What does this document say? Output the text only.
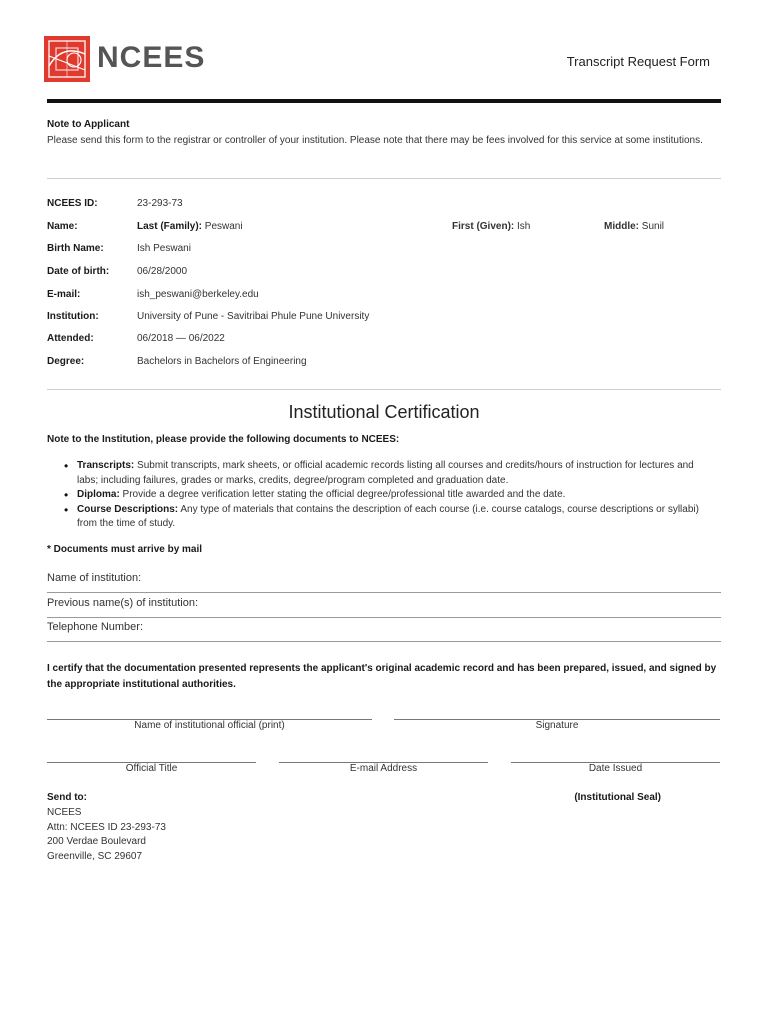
NCEES	Transcript Request Form
Note to Applicant
Please send this form to the registrar or controller of your institution. Please note that there may be fees involved for this service at some institutions.
NCEES ID:	23-293-73
Name:	Last (Family): Peswani	First (Given): Ish	Middle: Sunil
Birth Name:	Ish Peswani
Date of birth:	06/28/2000
E-mail:	ish_peswani@berkeley.edu
Institution:	University of Pune - Savitribai Phule Pune University
Attended:	06/2018 — 06/2022
Degree:	Bachelors in Bachelors of Engineering
Institutional Certification
Note to the Institution, please provide the following documents to NCEES:
• Transcripts: Submit transcripts, mark sheets, or official academic records listing all courses and credits/hours of instruction for lectures and labs; including failures, grades or marks, credits, degree/program completed and graduation date.
• Diploma: Provide a degree verification letter stating the official degree/professional title awarded and the date.
• Course Descriptions: Any type of materials that contains the description of each course (i.e. course catalogs, course descriptions or syllabi) from the time of study.
* Documents must arrive by mail
Name of institution:
Previous name(s) of institution:
Telephone Number:
I certify that the documentation presented represents the applicant's original academic record and has been prepared, issued, and signed by the appropriate institutional authorities.
Name of institutional official (print)	Signature
Official Title	E-mail Address	Date Issued
Send to:
NCEES
Attn: NCEES ID 23-293-73
200 Verdae Boulevard
Greenville, SC 29607
(Institutional Seal)
